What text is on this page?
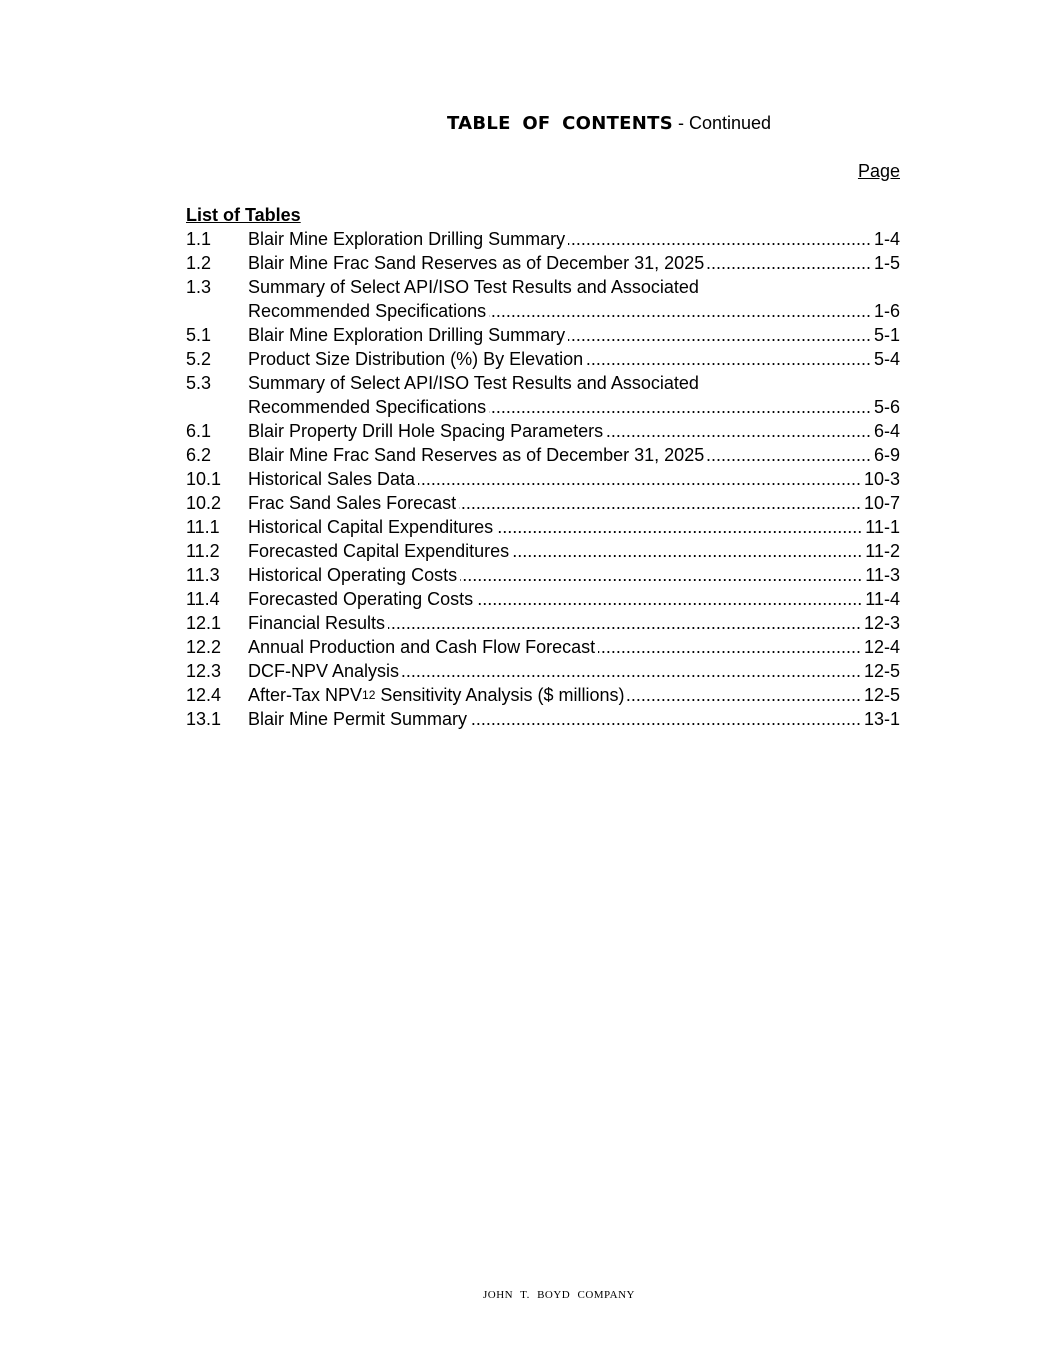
TABLE OF CONTENTS - Continued
Page
List of Tables
1.1	Blair Mine Exploration Drilling Summary .....	1-4
1.2	Blair Mine Frac Sand Reserves as of December 31, 2025 .....	1-5
1.3	Summary of Select API/ISO Test Results and Associated
Recommended Specifications .....	1-6
5.1	Blair Mine Exploration Drilling Summary .....	5-1
5.2	Product Size Distribution (%) By Elevation .....	5-4
5.3	Summary of Select API/ISO Test Results and Associated
Recommended Specifications .....	5-6
6.1	Blair Property Drill Hole Spacing Parameters .....	6-4
6.2	Blair Mine Frac Sand Reserves as of December 31, 2025 .....	6-9
10.1	Historical Sales Data .....	10-3
10.2	Frac Sand Sales Forecast .....	10-7
11.1	Historical Capital Expenditures .....	11-1
11.2	Forecasted Capital Expenditures .....	11-2
11.3	Historical Operating Costs .....	11-3
11.4	Forecasted Operating Costs .....	11-4
12.1	Financial Results .....	12-3
12.2	Annual Production and Cash Flow Forecast .....	12-4
12.3	DCF-NPV Analysis .....	12-5
12.4	After-Tax NPV 12 Sensitivity Analysis ($ millions) .....	12-5
13.1	Blair Mine Permit Summary .....	13-1
JOHN T. BOYD COMPANY
